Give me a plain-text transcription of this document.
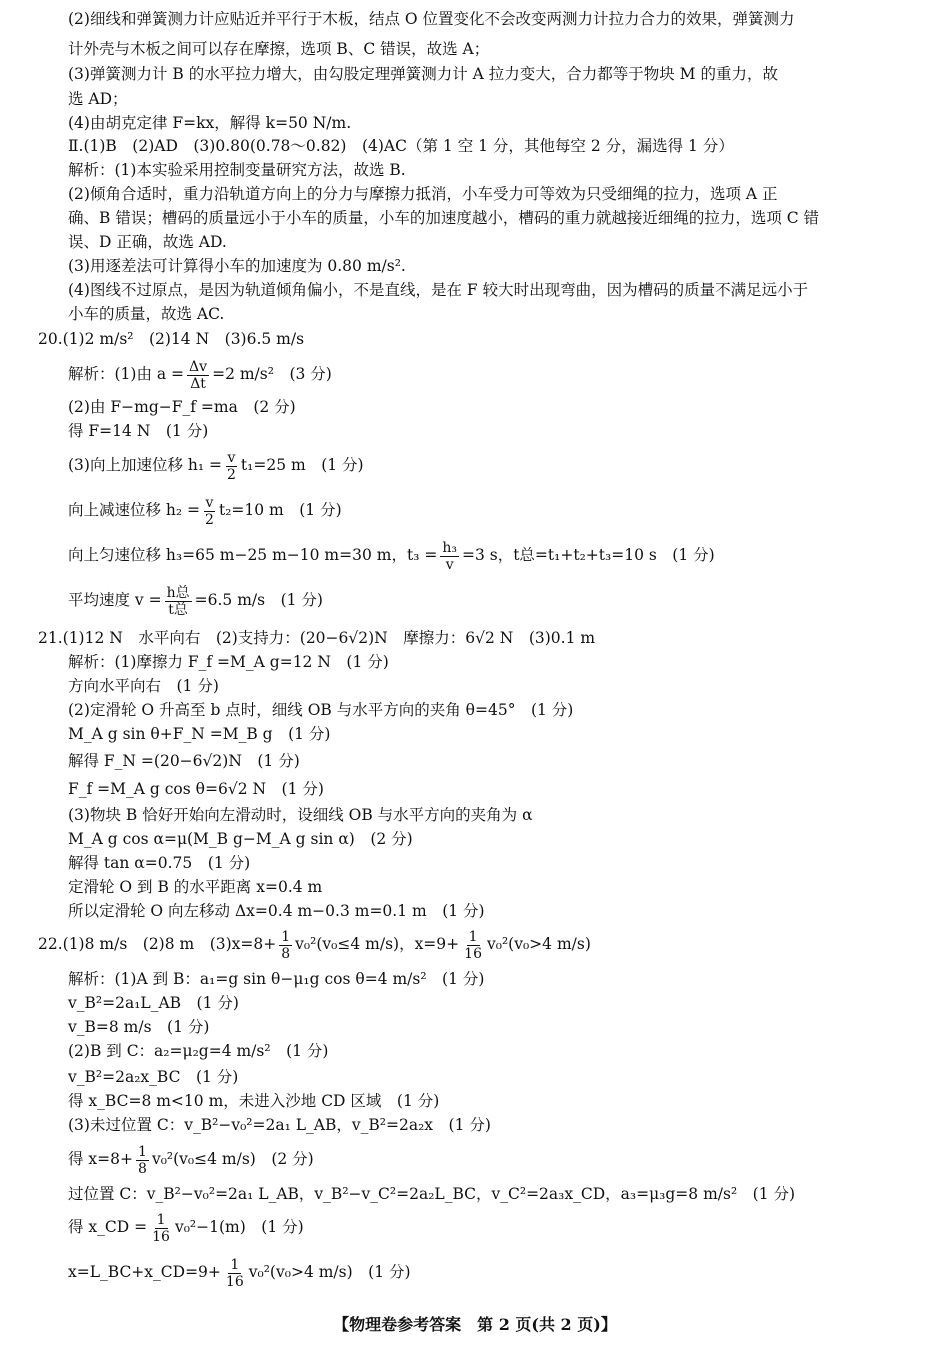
(2)细线和弹簧测力计应贴近并平行于木板，结点 O 位置变化不会改变两测力计拉力合力的效果，弹簧测力
计外壳与木板之间可以存在摩擦，选项 B、C 错误，故选 A；
(3)弹簧测力计 B 的水平拉力增大，由勾股定理弹簧测力计 A 拉力变大，合力都等于物块 M 的重力，故
选 AD；
(4)由胡克定律 F=kx，解得 k=50 N/m.
Ⅱ.(1)B　(2)AD　(3)0.80(0.78～0.82)　(4)AC（第 1 空 1 分，其他每空 2 分，漏选得 1 分）
解析：(1)本实验采用控制变量研究方法，故选 B.
(2)倾角合适时，重力沿轨道方向上的分力与摩擦力抵消，小车受力可等效为只受细绳的拉力，选项 A 正
确、B 错误；槽码的质量远小于小车的质量，小车的加速度越小，槽码的重力就越接近细绳的拉力，选项 C 错
误、D 正确，故选 AD.
(3)用逐差法可计算得小车的加速度为 0.80 m/s².
(4)图线不过原点，是因为轨道倾角偏小，不是直线，是在 F 较大时出现弯曲，因为槽码的质量不满足远小于
小车的质量，故选 AC.
20.(1)2 m/s²　(2)14 N　(3)6.5 m/s
解析：(1)由 $a = \frac{\Delta v}{\Delta t} =2$ m/s²　(3 分)
(2)由 F−mg−F_f =ma　(2 分)
得 F=14 N　(1 分)
(3)向上加速位移 $h_1 = \frac{v}{2} t_1=25$ m　(1 分)
向上减速位移 $h_2 = \frac{v}{2} t_2=10$ m　(1 分)
向上匀速位移 h₃=65 m−25 m−10 m=30 m，$t_3 = \frac{\text{h₃}}{v} =3$ s，t总=t₁+t₂+t₃=10 s　(1 分)
平均速度 $v = \frac{\text{h总}}{\text{t总}} =6.5$ m/s　(1 分)
21.(1)12 N　水平向右　(2)支持力：(20−6√2)N　摩擦力：6√2 N　(3)0.1 m
解析：(1)摩擦力 F_f =M_A g=12 N　(1 分)
方向水平向右　(1 分)
(2)定滑轮 O 升高至 b 点时，细线 OB 与水平方向的夹角 θ=45°　(1 分)
M_A g sin θ+F_N =M_B g　(1 分)
解得 F_N =(20−6√2)N　(1 分)
F_f =M_A g cos θ=6√2 N　(1 分)
(3)物块 B 恰好开始向左滑动时，设细线 OB 与水平方向的夹角为 α
M_A g cos α=μ(M_B g−M_A g sin α)　(2 分)
解得 tan α=0.75　(1 分)
定滑轮 O 到 B 的水平距离 x=0.4 m
所以定滑轮 O 向左移动 Δx=0.4 m−0.3 m=0.1 m　(1 分)
22.(1)8 m/s　(2)8 m　$(3)x=8+ \frac{1}{8} v_0^2(v_0\le 4$ m/s)，$x=9+ \frac{1}{16} v_0^2(v_0>4$ m/s)
解析：(1)A 到 B：a₁=g sin θ−μ₁g cos θ=4 m/s²　(1 分)
v_B²=2a₁L_AB　(1 分)
v_B=8 m/s　(1 分)
(2)B 到 C：a₂=μ₂g=4 m/s²　(1 分)
v_B²=2a₂x_BC　(1 分)
得 x_BC=8 m<10 m，未进入沙地 CD 区域　(1 分)
(3)未过位置 C：v_B²−v₀²=2a₁ L_AB，v_B²=2a₂x　(1 分)
得 $x=8+ \frac{1}{8} v_0^2(v_0\le 4$ m/s)　(2 分)
过位置 C：v_B²−v₀²=2a₁ L_AB，v_B²−v_C²=2a₂L_BC，v_C²=2a₃x_CD，a₃=μ₃g=8 m/s²　(1 分)
得 x_CD = $\frac{1}{16} v_0^2-1(m)$　(1 分)
x=L_BC+x_CD=9+ $\frac{1}{16} v_0^2(v_0>4$ m/s)　(1 分)
【物理卷参考答案　第 2 页(共 2 页)】
